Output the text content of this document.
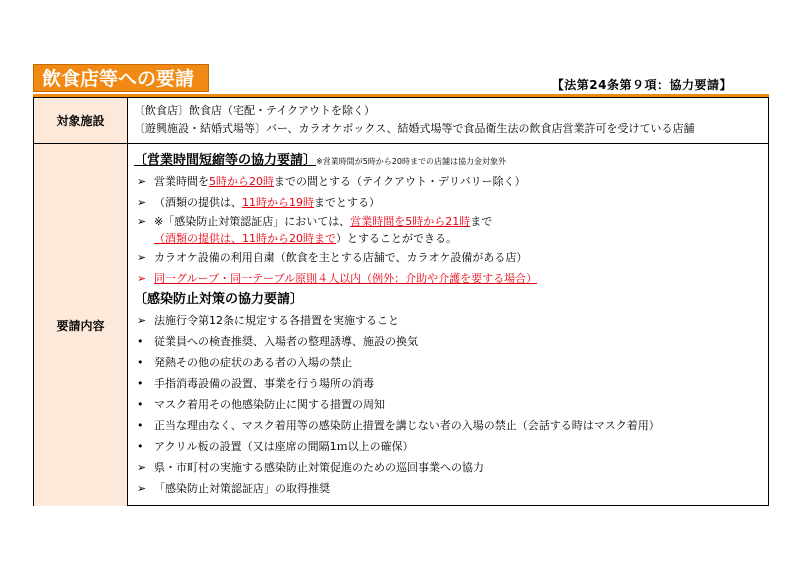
飲食店等への要請	【法第24条第９項：協力要請】
対象施設
〔飲食店〕飲食店（宅配・テイクアウトを除く）
〔遊興施設・結婚式場等〕バー、カラオケボックス、結婚式場等で食品衛生法の飲食店営業許可を受けている店舗
要請内容
〔営業時間短縮等の協力要請〕※営業時間が5時から20時までの店舗は協力金対象外
➢ 営業時間を5時から20時までの間とする（テイクアウト・デリバリー除く）
➢ （酒類の提供は、11時から19時までとする）
➢ ※「感染防止対策認証店」においては、営業時間を5時から21時まで
（酒類の提供は、11時から20時まで）とすることができる。
➢ カラオケ設備の利用自粛（飲食を主とする店舗で、カラオケ設備がある店）
➢ 同一グループ・同一テーブル原則４人以内（例外：介助や介護を要する場合）
〔感染防止対策の協力要請〕
➢ 法施行令第12条に規定する各措置を実施すること
• 従業員への検査推奨、入場者の整理誘導、施設の換気
• 発熱その他の症状のある者の入場の禁止
• 手指消毒設備の設置、事業を行う場所の消毒
• マスク着用その他感染防止に関する措置の周知
• 正当な理由なく、マスク着用等の感染防止措置を講じない者の入場の禁止（会話する時はマスク着用）
• アクリル板の設置（又は座席の間隔1ｍ以上の確保）
➢ 県・市町村の実施する感染防止対策促進のための巡回事業への協力
➢ 「感染防止対策認証店」の取得推奨
